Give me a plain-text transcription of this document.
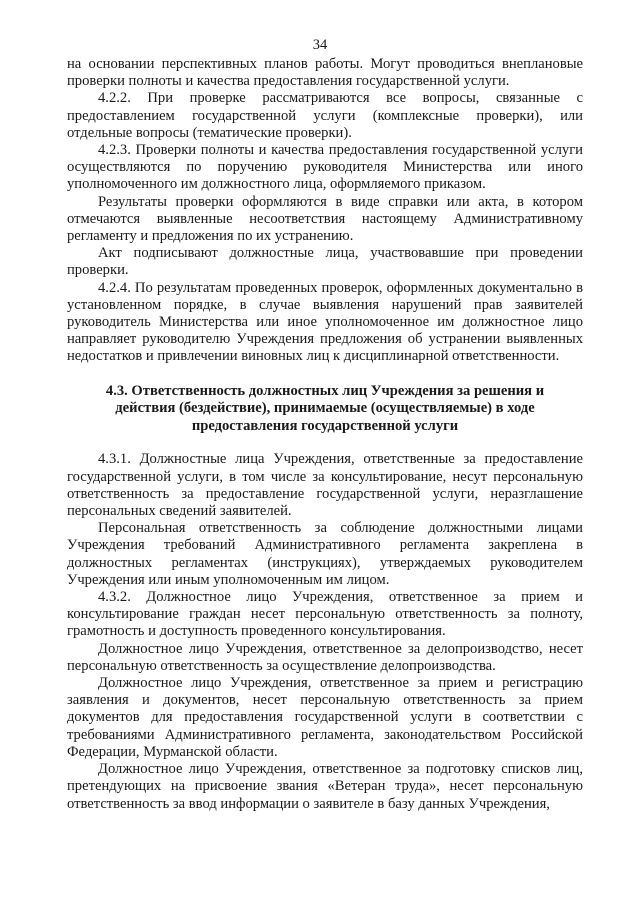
34

на основании перспективных планов работы. Могут проводиться внеплановые проверки полноты и качества предоставления государственной услуги.

4.2.2. При проверке рассматриваются все вопросы, связанные с предоставлением государственной услуги (комплексные проверки), или отдельные вопросы (тематические проверки).

4.2.3. Проверки полноты и качества предоставления государственной услуги осуществляются по поручению руководителя Министерства или иного уполномоченного им должностного лица, оформляемого приказом.

Результаты проверки оформляются в виде справки или акта, в котором отмечаются выявленные несоответствия настоящему Административному регламенту и предложения по их устранению.

Акт подписывают должностные лица, участвовавшие при проведении проверки.

4.2.4. По результатам проведенных проверок, оформленных документально в установленном порядке, в случае выявления нарушений прав заявителей руководитель Министерства или иное уполномоченное им должностное лицо направляет руководителю Учреждения предложения об устранении выявленных недостатков и привлечении виновных лиц к дисциплинарной ответственности.

4.3. Ответственность должностных лиц Учреждения за решения и действия (бездействие), принимаемые (осуществляемые) в ходе предоставления государственной услуги

4.3.1. Должностные лица Учреждения, ответственные за предоставление государственной услуги, в том числе за консультирование, несут персональную ответственность за предоставление государственной услуги, неразглашение персональных сведений заявителей.

Персональная ответственность за соблюдение должностными лицами Учреждения требований Административного регламента закреплена в должностных регламентах (инструкциях), утверждаемых руководителем Учреждения или иным уполномоченным им лицом.

4.3.2. Должностное лицо Учреждения, ответственное за прием и консультирование граждан несет персональную ответственность за полноту, грамотность и доступность проведенного консультирования.

Должностное лицо Учреждения, ответственное за делопроизводство, несет персональную ответственность за осуществление делопроизводства.

Должностное лицо Учреждения, ответственное за прием и регистрацию заявления и документов, несет персональную ответственность за прием документов для предоставления государственной услуги в соответствии с требованиями Административного регламента, законодательством Российской Федерации, Мурманской области.

Должностное лицо Учреждения, ответственное за подготовку списков лиц, претендующих на присвоение звания «Ветеран труда», несет персональную ответственность за ввод информации о заявителе в базу данных Учреждения,
